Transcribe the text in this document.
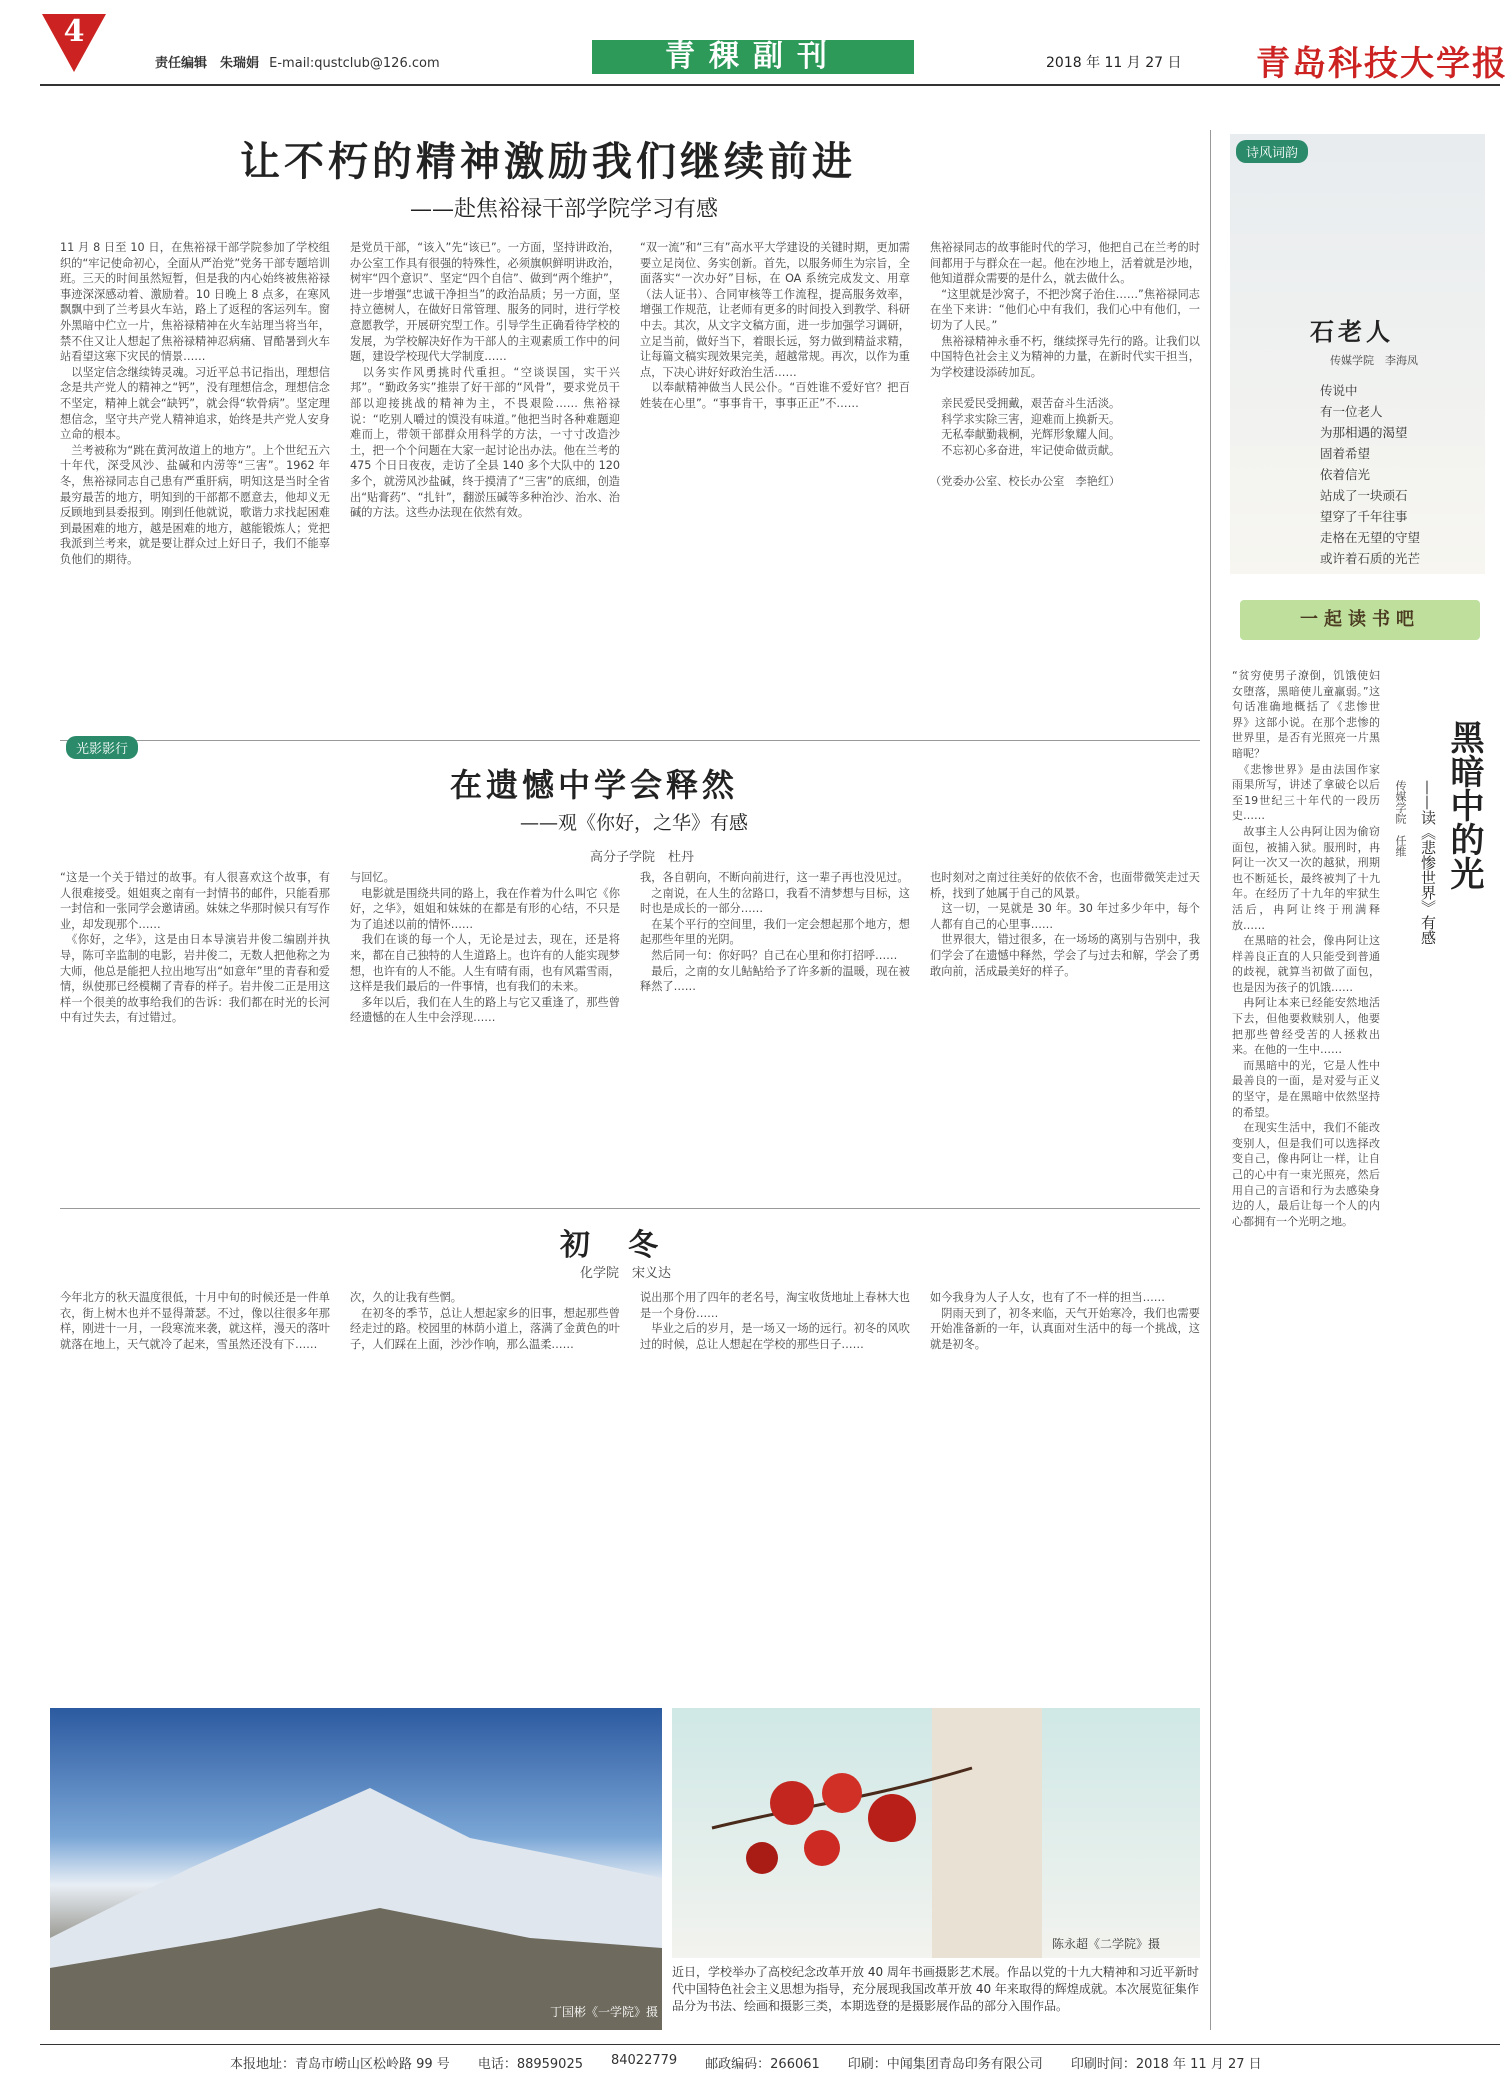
4
责任编辑　朱瑞娟 E-mail:qustclub@126.com	青稞副刊	2018 年 11 月 27 日 青岛科技大学报
让不朽的精神激励我们继续前进
——赴焦裕禄干部学院学习有感
11 月 8 日至 10 日，在焦裕禄干部学院参加了学校组织的“牢记使命初心，全面从严治党”党务干部专题培训班。三天的时间虽然短暂，但是我的内心始终被焦裕禄事迹深深感动着、激励着。10 日晚上 8 点多，在寒风飘飘中到了兰考县火车站，路上了返程的客运列车。窗外黑暗中伫立一片，焦裕禄精神在火车站理当将当年，禁不住又让人想起了焦裕禄精神忍病痛、冒酷暑到火车站看望这寒下灾民的情景……
　以坚定信念继续铸灵魂。习近平总书记指出，理想信念是共产党人的精神之“钙”，没有理想信念，理想信念不坚定，精神上就会“缺钙”，就会得“软骨病”。坚定理想信念，坚守共产党人精神追求，始终是共产党人安身立命的根本。
　兰考被称为“跳在黄河故道上的地方”。上个世纪五六十年代，深受风沙、盐碱和内涝等“三害”。1962 年冬，焦裕禄同志自己患有严重肝病，明知这是当时全省最穷最苦的地方，明知到的干部都不愿意去，他却义无反顾地到县委报到。刚到任他就说，歌谐力求找起困难到最困难的地方，越是困难的地方，越能锻炼人；党把我派到兰考来，就是要让群众过上好日子，我们不能辜负他们的期待。
是党员干部，“该入”先“该已”。一方面，坚持讲政治，办公室工作具有很强的特殊性，必须旗帜鲜明讲政治，树牢“四个意识”、坚定“四个自信”、做到“两个维护”，进一步增强“忠诚干净担当”的政治品质；另一方面，坚持立德树人，在做好日常管理、服务的同时，进行学校意愿教学，开展研究型工作。引导学生正确看待学校的发展，为学校解决好作为干部人的主观素质工作中的问题，建设学校现代大学制度……
　以务实作风勇挑时代重担。“空谈误国，实干兴邦”。“勤政务实”推崇了好干部的“风骨”，要求党员干部以迎接挑战的精神为主，不畏艰险…… 焦裕禄说：“吃别人嚼过的馍没有味道。”他把当时各种难题迎难而上，带领干部群众用科学的方法，一寸寸改造沙土，把一个个问题在大家一起讨论出办法。他在兰考的 475 个日日夜夜，走访了全县 140 多个大队中的 120 多个，就涝风沙盐碱，终于摸清了“三害”的底细，创造出“贴膏药”、“扎针”，翻淤压碱等多种治沙、治水、治碱的方法。这些办法现在依然有效。
“双一流”和“三有”高水平大学建设的关键时期，更加需要立足岗位、务实创新。首先，以服务师生为宗旨，全面落实“一次办好”目标，在 OA 系统完成发文、用章（法人证书）、合同审核等工作流程，提高服务效率，增强工作规范，让老师有更多的时间投入到教学、科研中去。其次，从文字文稿方面，进一步加强学习调研，立足当前，做好当下，着眼长远，努力做到精益求精，让每篇文稿实现效果完美，超越常规。再次，以作为重点，下决心讲好好政治生活……
　以奉献精神做当人民公仆。“百姓谁不爱好官？把百姓装在心里”。“事事肯干，事事正正”不……
焦裕禄同志的故事能时代的学习，他把自己在兰考的时间都用于与群众在一起。他在沙地上，活着就是沙地，他知道群众需要的是什么，就去做什么。
　“这里就是沙窝子，不把沙窝子治住……”焦裕禄同志在坐下来讲：“他们心中有我们，我们心中有他们，一切为了人民。”
　焦裕禄精神永垂不朽，继续探寻先行的路。让我们以中国特色社会主义为精神的力量，在新时代实干担当，为学校建设添砖加瓦。

　亲民爱民受拥戴，艰苦奋斗生活淡。
　科学求实除三害，迎难而上换新天。
　无私奉献勤栽桐，光辉形象耀人间。
　不忘初心多奋进，牢记使命做贡献。

（党委办公室、校长办公室　李艳红）
光影影行
在遗憾中学会释然
——观《你好，之华》有感
高分子学院　杜丹
“这是一个关于错过的故事。有人很喜欢这个故事，有人很难接受。姐姐爽之南有一封情书的邮件，只能看那一封信和一张同学会邀请函。妹妹之华那时候只有写作业，却发现那个……
　《你好，之华》，这是由日本导演岩井俊二编剧并执导，陈可辛监制的电影，岩井俊二，无数人把他称之为大师，他总是能把人拉出地写出“如意年”里的青春和爱情，纵使那已经模糊了青春的样子。岩井俊二正是用这样一个很美的故事给我们的告诉：我们都在时光的长河中有过失去，有过错过。
与回忆。
　电影就是围绕共同的路上，我在作着为什么叫它《你好，之华》，姐姐和妹妹的在都是有形的心结，不只是为了追述以前的情怀……
　我们在谈的每一个人，无论是过去，现在，还是将来，都在自己独特的人生道路上。也许有的人能实现梦想，也许有的人不能。人生有晴有雨，也有风霜雪雨，这样是我们最后的一件事情，也有我们的未来。
　多年以后，我们在人生的路上与它又重逢了，那些曾经遗憾的在人生中会浮现……
我，各自朝向，不断向前进行，这一辈子再也没见过。
　之南说，在人生的岔路口，我看不清梦想与目标，这时也是成长的一部分……
　在某个平行的空间里，我们一定会想起那个地方，想起那些年里的光阴。
　然后同一句：你好吗？自己在心里和你打招呼……
　最后，之南的女儿鲇鲇给予了许多新的温暖，现在被释然了……
也时刻对之南过往美好的依依不舍，也面带微笑走过天桥，找到了她属于自己的风景。
　这一切，一晃就是 30 年。30 年过多少年中，每个人都有自己的心里事……
　世界很大，错过很多，在一场场的离别与告别中，我们学会了在遗憾中释然，学会了与过去和解，学会了勇敢向前，活成最美好的样子。
初　冬
化学院　宋义达
今年北方的秋天温度很低，十月中旬的时候还是一件单衣，街上树木也并不显得萧瑟。不过，像以往很多年那样，刚进十一月，一段寒流来袭，就这样，漫天的落叶就落在地上，天气就冷了起来，雪虽然还没有下……
次，久的让我有些惘。
　在初冬的季节，总让人想起家乡的旧事，想起那些曾经走过的路。校园里的林荫小道上，落满了金黄色的叶子，人们踩在上面，沙沙作响，那么温柔……
说出那个用了四年的老名号，淘宝收货地址上春林大也是一个身份……
　毕业之后的岁月，是一场又一场的远行。初冬的风吹过的时候，总让人想起在学校的那些日子……
如今我身为人子人女，也有了不一样的担当……
　阴雨天到了，初冬来临，天气开始寒冷，我们也需要开始准备新的一年，认真面对生活中的每一个挑战，这就是初冬。
丁国彬《一学院》摄
陈永超《二学院》摄
近日，学校举办了高校纪念改革开放 40 周年书画摄影艺术展。作品以党的十九大精神和习近平新时代中国特色社会主义思想为指导，充分展现我国改革开放 40 年来取得的辉煌成就。本次展览征集作品分为书法、绘画和摄影三类，本期选登的是摄影展作品的部分入围作品。
诗风词韵
石老人
传媒学院　李海凤
传说中
有一位老人
为那相遇的渴望
固着希望
依着信光
站成了一块顽石
望穿了千年往事
走格在无望的守望
或许着石质的光芒
一起读书吧
黑暗中的光
——读《悲惨世界》有感
传媒学院　任维
“贫穷使男子潦倒，饥饿使妇女堕落，黑暗使儿童羸弱。”这句话准确地概括了《悲惨世界》这部小说。在那个悲惨的世界里，是否有光照亮一片黑暗呢？
　《悲惨世界》是由法国作家雨果所写，讲述了拿破仑以后至19世纪三十年代的一段历史……
　故事主人公冉阿让因为偷窃面包，被捕入狱。服刑时，冉阿让一次又一次的越狱，刑期也不断延长，最终被判了十九年。在经历了十九年的牢狱生活后，冉阿让终于刑满释放……
　在黑暗的社会，像冉阿让这样善良正直的人只能受到普通的歧视，就算当初做了面包，也是因为孩子的饥饿……
　冉阿让本来已经能安然地活下去，但他要救赎别人，他要把那些曾经受苦的人拯救出来。在他的一生中……
　而黑暗中的光，它是人性中最善良的一面，是对爱与正义的坚守，是在黑暗中依然坚持的希望。
　在现实生活中，我们不能改变别人，但是我们可以选择改变自己，像冉阿让一样，让自己的心中有一束光照亮，然后用自己的言语和行为去感染身边的人，最后让每一个人的内心都拥有一个光明之地。
本报地址：青岛市崂山区松岭路 99 号 电话：88959025 84022779 邮政编码：266061 印刷：中闻集团青岛印务有限公司 印刷时间：2018 年 11 月 27 日
